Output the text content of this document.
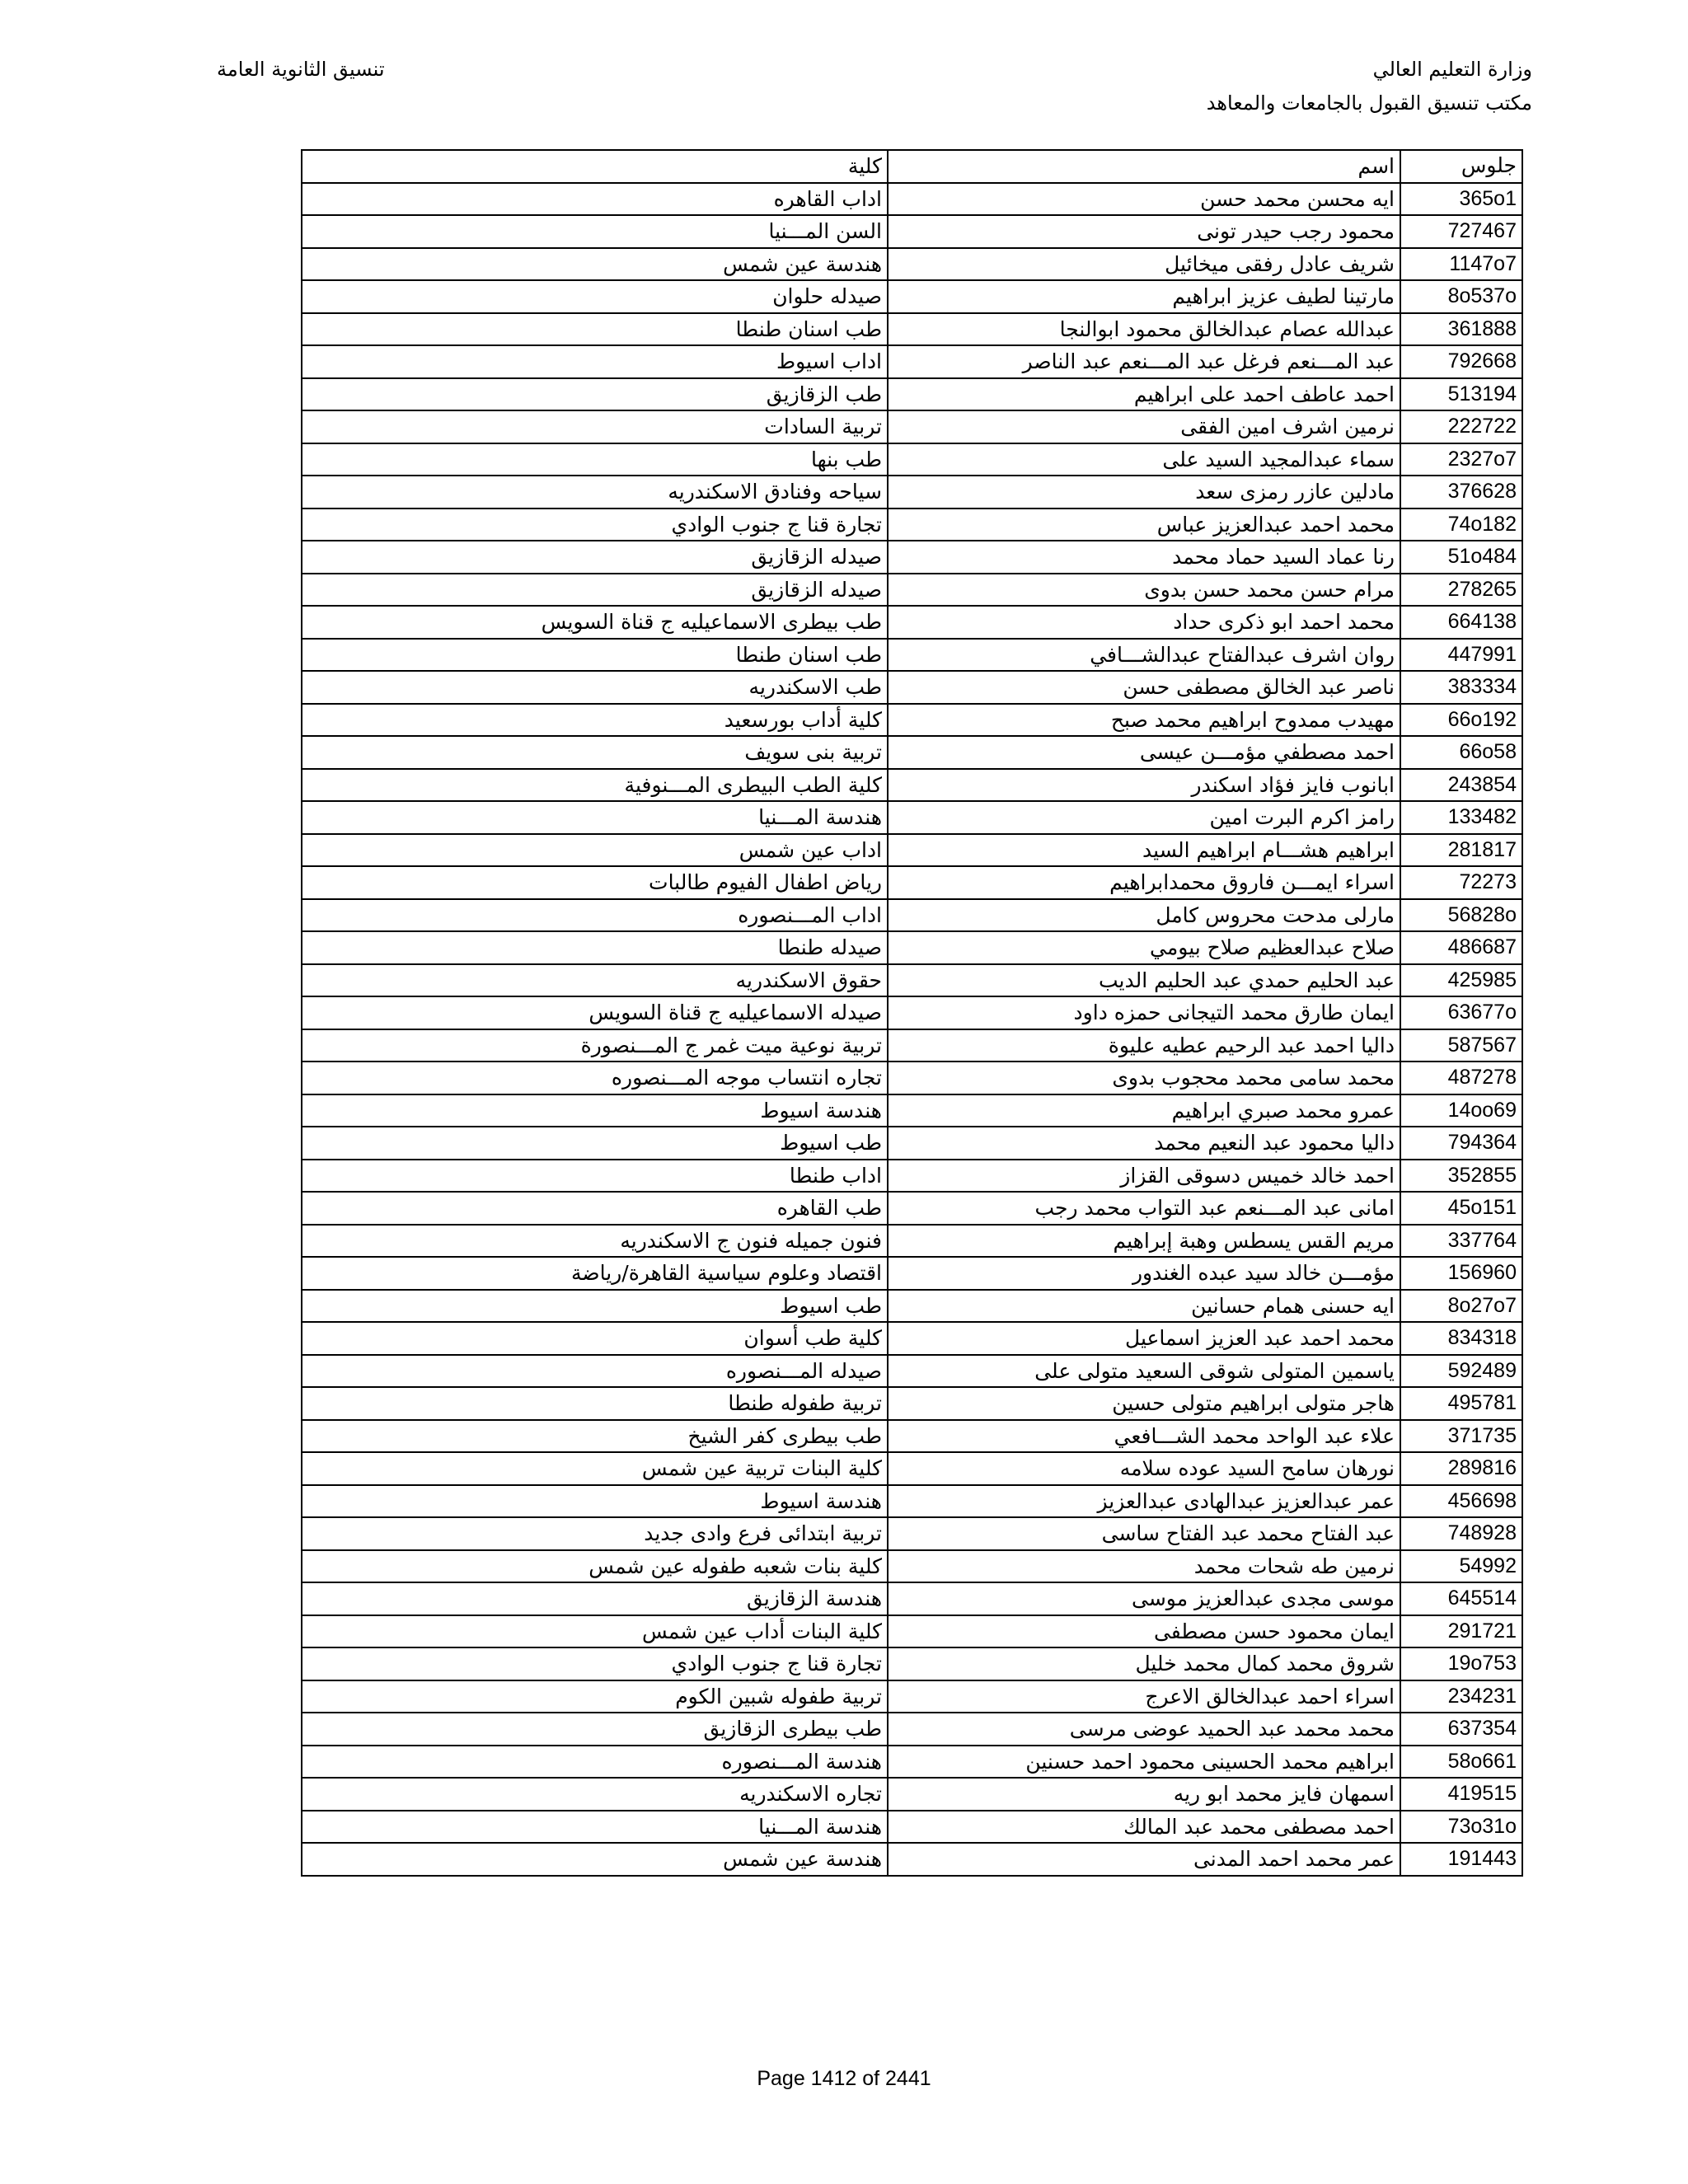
وزارة التعليم العالي
مكتب تنسيق القبول بالجامعات والمعاهد
تنسيق الثانوية العامة
جلوس	اسم	كلية
365o1	ايه محسن محمد حسن	اداب القاهره
727467	محمود رجب حيدر تونى	السن المـــنيا
1147o7	شريف عادل رفقى ميخائيل	هندسة عين شمس
8o537o	مارتينا لطيف عزيز ابراهيم	صيدله حلوان
361888	عبدالله عصام عبدالخالق محمود ابوالنجا	طب اسنان طنطا
792668	عبد المـــنعم فرغل عبد المـــنعم عبد الناصر	اداب اسيوط
513194	احمد عاطف احمد على ابراهيم	طب الزقازيق
222722	نرمين اشرف امين الفقى	تربية السادات
2327o7	سماء عبدالمجيد السيد على	طب بنها
376628	مادلين عازر رمزى سعد	سياحه وفنادق الاسكندريه
74o182	محمد احمد عبدالعزيز عباس	تجارة قنا ج جنوب الوادي
51o484	رنا عماد السيد حماد محمد	صيدله الزقازيق
278265	مرام حسن محمد حسن بدوى	صيدله الزقازيق
664138	محمد احمد ابو ذكرى حداد	طب بيطرى الاسماعيليه ج قناة السويس
447991	روان اشرف عبدالفتاح عبدالشـــافي	طب اسنان طنطا
383334	ناصر عبد الخالق مصطفى حسن	طب الاسكندريه
66o192	مهيدب ممدوح ابراهيم محمد صبح	كلية أداب بورسعيد
66o58	احمد مصطفي مؤمـــن عيسى	تربية بنى سويف
243854	ابانوب فايز فؤاد اسكندر	كلية الطب البيطرى المـــنوفية
133482	رامز اكرم البرت امين	هندسة المـــنيا
281817	ابراهيم هشـــام ابراهيم السيد	اداب عين شمس
72273	اسراء ايمـــن فاروق محمدابراهيم	رياض اطفال الفيوم طالبات
56828o	مارلى مدحت محروس كامل	اداب المـــنصوره
486687	صلاح عبدالعظيم صلاح بيومي	صيدله طنطا
425985	عبد الحليم حمدي عبد الحليم الديب	حقوق الاسكندريه
63677o	ايمان طارق محمد التيجانى حمزه داود	صيدله الاسماعيليه ج قناة السويس
587567	داليا احمد عبد الرحيم عطيه عليوة	تربية نوعية ميت غمر ج المـــنصورة
487278	محمد سامى محمد محجوب بدوى	تجاره انتساب موجه المـــنصوره
14oo69	عمرو محمد صبري ابراهيم	هندسة اسيوط
794364	داليا محمود عبد النعيم محمد	طب اسيوط
352855	احمد خالد خميس دسوقى القزاز	اداب طنطا
45o151	امانى عبد المـــنعم عبد التواب محمد رجب	طب القاهره
337764	مريم القس يسطس وهبة إبراهيم	فنون جميله فنون ج الاسكندريه
156960	مؤمـــن خالد سيد عبده الغندور	اقتصاد وعلوم سياسية القاهرة/رياضة
8o27o7	ايه حسنى همام حسانين	طب اسيوط
834318	محمد احمد عبد العزيز اسماعيل	كلية طب أسوان
592489	ياسمين المتولى شوقى السعيد متولى على	صيدله المـــنصوره
495781	هاجر متولى ابراهيم متولى حسين	تربية طفوله طنطا
371735	علاء عبد الواحد محمد الشـــافعي	طب بيطرى كفر الشيخ
289816	نورهان سامح السيد عوده سلامه	كلية البنات تربية عين شمس
456698	عمر عبدالعزيز عبدالهادى عبدالعزيز	هندسة اسيوط
748928	عبد الفتاح محمد عبد الفتاح ساسى	تربية ابتدائى فرع وادى جديد
54992	نرمين طه شحات محمد	كلية بنات شعبه طفوله عين شمس
645514	موسى مجدى عبدالعزيز موسى	هندسة الزقازيق
291721	ايمان محمود حسن مصطفى	كلية البنات أداب عين شمس
19o753	شروق محمد كمال محمد خليل	تجارة قنا ج جنوب الوادي
234231	اسراء احمد عبدالخالق الاعرج	تربية طفوله شبين الكوم
637354	محمد محمد عبد الحميد عوضى مرسى	طب بيطرى الزقازيق
58o661	ابراهيم محمد الحسينى محمود احمد حسنين	هندسة المـــنصوره
419515	اسمهان فايز محمد ابو ريه	تجاره الاسكندريه
73o31o	احمد مصطفى محمد عبد المالك	هندسة المـــنيا
191443	عمر محمد احمد المدنى	هندسة عين شمس
Page 1412 of 2441
